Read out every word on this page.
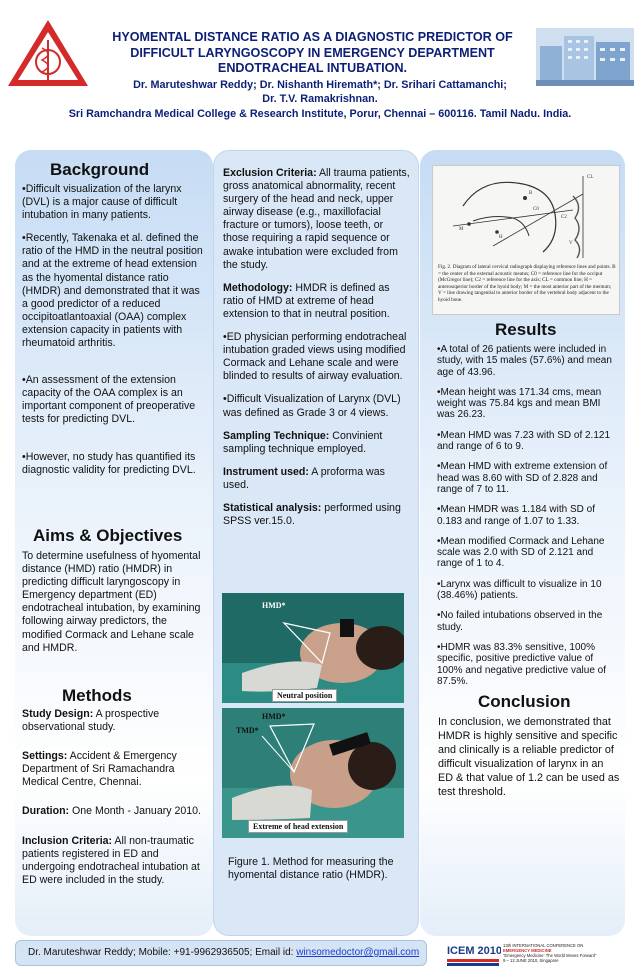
HYOMENTAL DISTANCE RATIO AS A DIAGNOSTIC PREDICTOR OF DIFFICULT LARYNGOSCOPY IN EMERGENCY DEPARTMENT ENDOTRACHEAL INTUBATION.
Dr. Maruteshwar Reddy; Dr. Nishanth Hiremath*; Dr. Srihari Cattamanchi;
Dr. T.V. Ramakrishnan.
Sri Ramchandra Medical College & Research Institute, Porur, Chennai – 600116. Tamil Nadu. India.
Background

•Difficult visualization of the larynx (DVL) is a major cause of difficult intubation in many patients.

•Recently, Takenaka et al. defined the ratio of the HMD in the neutral position and at the extreme of head extension as the hyomental distance ratio (HMDR) and demonstrated that it was a good predictor of a reduced occipitoatlantoaxial (OAA) complex extension capacity in patients with rheumatoid arthritis.

•An assessment of the extension capacity of the OAA complex is an important component of preoperative tests for predicting DVL.

•However, no study has quantified its diagnostic validity for predicting DVL.

Aims & Objectives
To determine usefulness of hyomental distance (HMD) ratio (HMDR) in predicting difficult laryngoscopy in Emergency department (ED) endotracheal intubation, by examining following airway predictors, the modified Cormack and Lehane scale and HMDR.
Methods

Study Design: A prospective observational study.

Settings: Accident & Emergency Department of Sri Ramachandra Medical Centre, Chennai.

Duration: One Month - January 2010.

Inclusion Criteria: All non-traumatic patients registered in ED and undergoing endotracheal intubation at ED were included in the study.

Exclusion Criteria: All trauma patients, gross anatomical abnormality, recent surgery of the head and neck, upper airway disease (e.g., maxillofacial fracture or tumors), loose teeth, or those requiring a rapid sequence or awake intubation were excluded from the study.

Methodology: HMDR is defined as ratio of HMD at extreme of head extension to that in neutral position.

•ED physician performing endotracheal intubation graded views using modified Cormack and Lehane scale and were blinded to results of airway evaluation.

•Difficult Visualization of Larynx (DVL) was defined as Grade 3 or 4 views.

Sampling Technique: Convinient sampling technique employed.

Instrument used: A proforma was used.

Statistical analysis: performed using SPSS ver.15.0.

HMD*
Neutral position
HMD*
TMD*
Extreme of head extension
Figure 1. Method for measuring the hyomental distance ratio (HMDR).
B
CL
H
M
C2
C0
V
Fig. 2. Diagram of lateral cervical radiograph displaying reference lines and points. B = the center of the external acoustic meatus; C0 = reference line for the occiput (McGregor line); C2 = reference line for the axis; CL = common line; H = anterosuperior border of the hyoid body; M = the most anterior part of the mentum; V = line drawing tangential to anterior border of the vertebral body adjacent to the hyoid bone.
Results

•A total of 26 patients were included in study, with 15 males (57.6%) and mean age of 43.96.

•Mean height was 171.34 cms, mean weight was 75.84 kgs and mean BMI was 26.23.

•Mean HMD was 7.23 with SD of 2.121 and range of 6 to 9.

•Mean HMD with extreme extension of head was 8.60 with SD of 2.828 and range of 7 to 11.

•Mean HMDR was 1.184 with SD of 0.183 and range of 1.07 to 1.33.

•Mean modified Cormack and Lehane scale was 2.0 with SD of 2.121 and range of 1 to 4.

•Larynx was difficult to visualize in 10 (38.46%) patients.

•No failed intubations observed in the study.

•HDMR was 83.3% sensitive, 100% specific, positive predictive value of 100% and negative predictive value of 87.5%.

Conclusion
In conclusion, we demonstrated that HMDR is highly sensitive and specific and clinically is a reliable predictor of difficult visualization of larynx in an ED & that value of 1.2 can be used as test threshold.
Dr. Maruteshwar Reddy; Mobile: +91-9962936505; Email id: winsomedoctor@gmail.com	ICEM 2010 13th INTERNATIONAL CONFERENCE ON
EMERGENCY MEDICINE
“Emergency Medicine: The World Moves Forward”
9 – 12 JUNE 2010, Singapore
